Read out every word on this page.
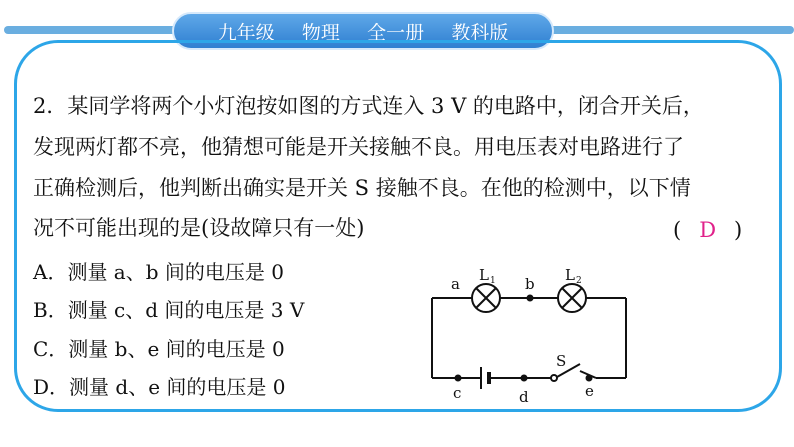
九年级 物理 全一册 教科版
2．某同学将两个小灯泡按如图的方式连入 3 V 的电路中，闭合开关后，
发现两灯都不亮，他猜想可能是开关接触不良。用电压表对电路进行了
正确检测后，他判断出确实是开关 S 接触不良。在他的检测中，以下情
况不可能出现的是(设故障只有一处)	( D )
A．测量 a、b 间的电压是 0
B．测量 c、d 间的电压是 3 V
C．测量 b、e 间的电压是 0
D．测量 d、e 间的电压是 0
a	b
c	d	e
S
L 1	L 2
